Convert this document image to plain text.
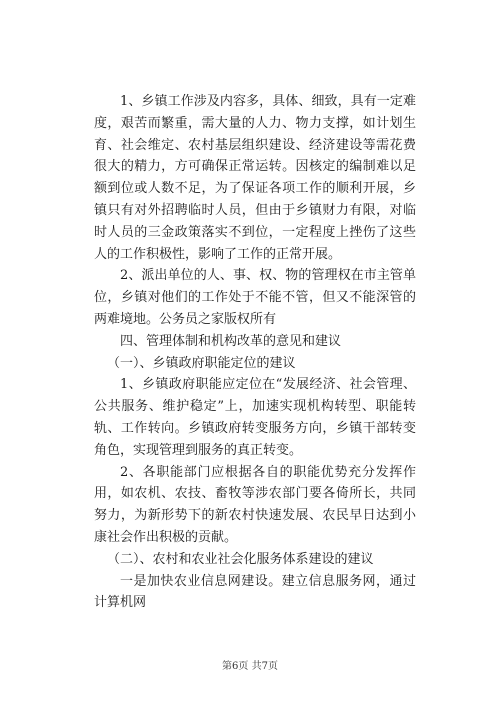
1、乡镇工作涉及内容多，具体、细致，具有一定难度，艰苦而繁重，需大量的人力、物力支撑，如计划生育、社会维定、农村基层组织建设、经济建设等需花费很大的精力，方可确保正常运转。因核定的编制难以足额到位或人数不足，为了保证各项工作的顺利开展，乡镇只有对外招聘临时人员，但由于乡镇财力有限，对临时人员的三金政策落实不到位，一定程度上挫伤了这些人的工作积极性，影响了工作的正常开展。

2、派出单位的人、事、权、物的管理权在市主管单位，乡镇对他们的工作处于不能不管，但又不能深管的两难境地。公务员之家版权所有

四、管理体制和机构改革的意见和建议

（一）、乡镇政府职能定位的建议

1、乡镇政府职能应定位在“发展经济、社会管理、公共服务、维护稳定”上，加速实现机构转型、职能转轨、工作转向。乡镇政府转变服务方向，乡镇干部转变角色，实现管理到服务的真正转变。

2、各职能部门应根据各自的职能优势充分发挥作用，如农机、农技、畜牧等涉农部门要各倚所长，共同努力，为新形势下的新农村快速发展、农民早日达到小康社会作出积极的贡献。

（二）、农村和农业社会化服务体系建设的建议

一是加快农业信息网建设。建立信息服务网，通过计算机网

第6页 共7页
